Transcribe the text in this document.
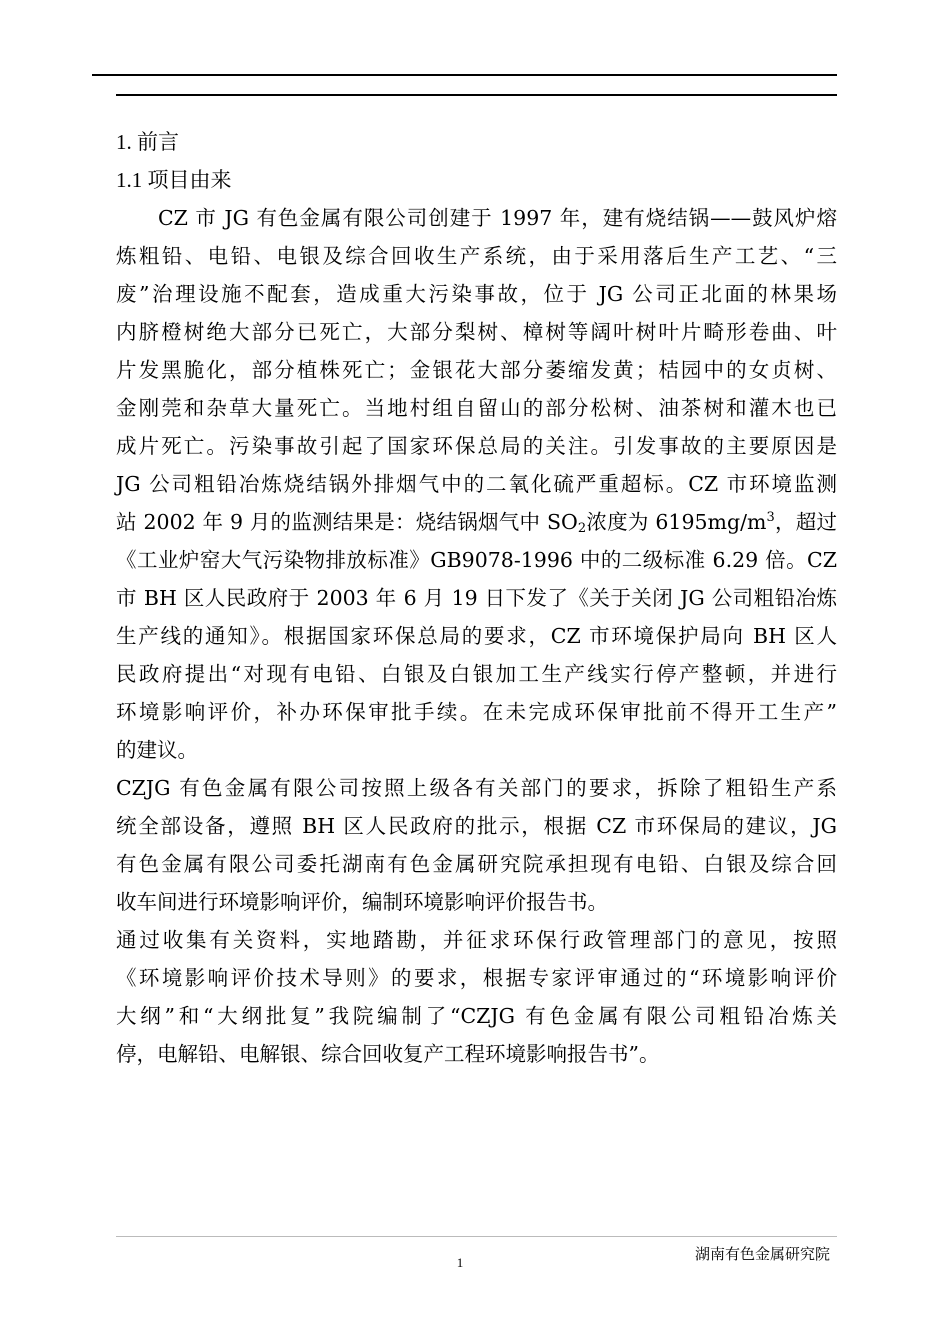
1. 前言
1.1 项目由来
CZ 市 JG 有色金属有限公司创建于 1997 年，建有烧结锅——鼓风炉熔
炼粗铅、电铅、电银及综合回收生产系统，由于采用落后生产工艺、“三
废”治理设施不配套，造成重大污染事故，位于 JG 公司正北面的林果场
内脐橙树绝大部分已死亡，大部分梨树、樟树等阔叶树叶片畸形卷曲、叶
片发黑脆化，部分植株死亡；金银花大部分萎缩发黄；桔园中的女贞树、
金刚莞和杂草大量死亡。当地村组自留山的部分松树、油茶树和灌木也已
成片死亡。污染事故引起了国家环保总局的关注。引发事故的主要原因是
JG 公司粗铅冶炼烧结锅外排烟气中的二氧化硫严重超标。CZ 市环境监测
站 2002 年 9 月的监测结果是：烧结锅烟气中 $SO_2$浓度为 $6195mg/m^3$，超过
《工业炉窑大气污染物排放标准》GB9078-1996 中的二级标准 6.29 倍。CZ
市 BH 区人民政府于 2003 年 6 月 19 日下发了《关于关闭 JG 公司粗铅冶炼
生产线的通知》。根据国家环保总局的要求，CZ 市环境保护局向 BH 区人
民政府提出“对现有电铅、白银及白银加工生产线实行停产整顿，并进行
环境影响评价，补办环保审批手续。在未完成环保审批前不得开工生产”
的建议。
CZJG 有色金属有限公司按照上级各有关部门的要求，拆除了粗铅生产系
统全部设备，遵照 BH 区人民政府的批示，根据 CZ 市环保局的建议，JG
有色金属有限公司委托湖南有色金属研究院承担现有电铅、白银及综合回
收车间进行环境影响评价，编制环境影响评价报告书。
通过收集有关资料，实地踏勘，并征求环保行政管理部门的意见，按照
《环境影响评价技术导则》的要求，根据专家评审通过的“环境影响评价
大纲”和“大纲批复”我院编制了“CZJG 有色金属有限公司粗铅冶炼关
停，电解铅、电解银、综合回收复产工程环境影响报告书”。
1	湖南有色金属研究院
